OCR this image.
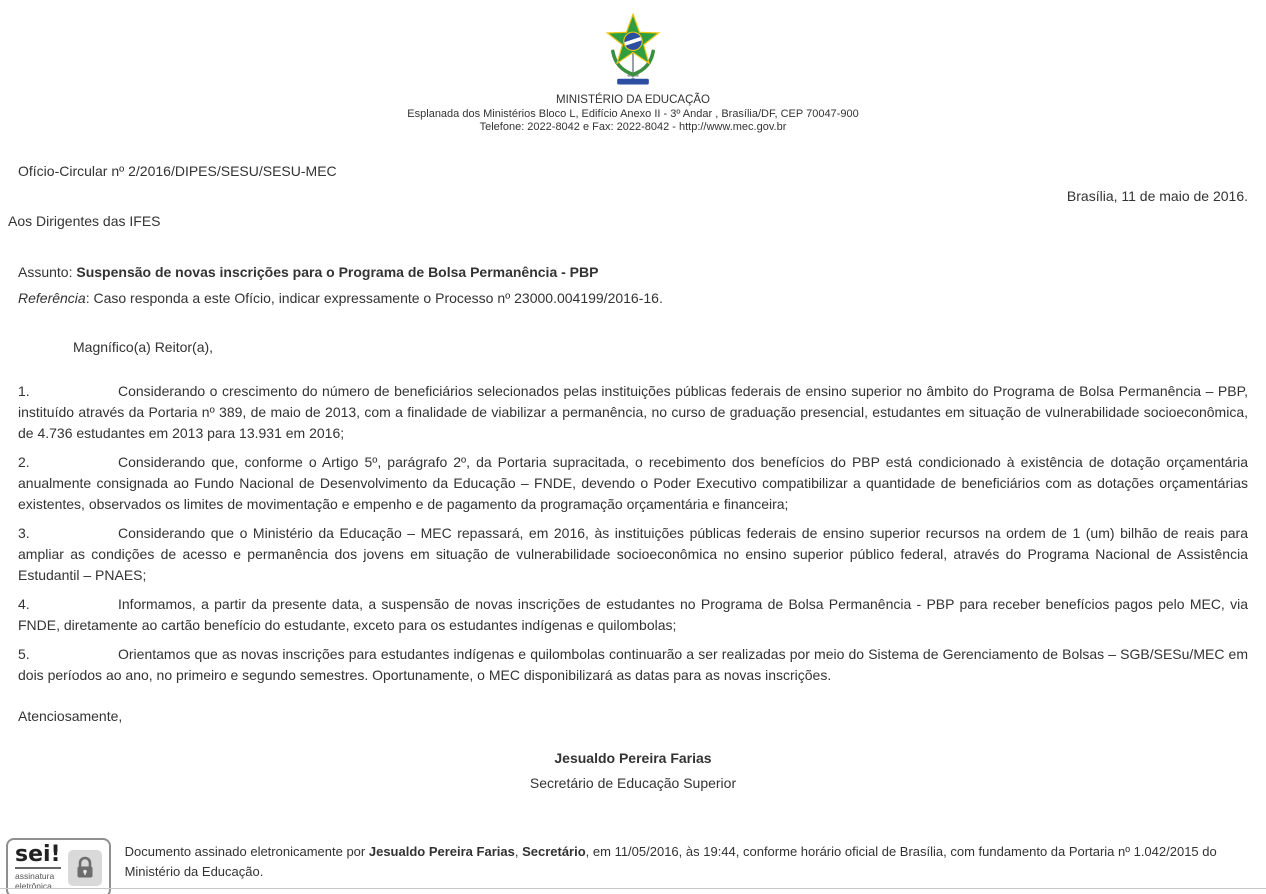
MINISTÉRIO DA EDUCAÇÃO
Esplanada dos Ministérios Bloco L, Edifício Anexo II - 3º Andar , Brasília/DF, CEP 70047-900
Telefone: 2022-8042 e Fax: 2022-8042 - http://www.mec.gov.br

Ofício-Circular nº 2/2016/DIPES/SESU/SESU-MEC

Brasília, 11 de maio de 2016.

Aos Dirigentes das IFES

Assunto: Suspensão de novas inscrições para o Programa de Bolsa Permanência - PBP

Referência: Caso responda a este Ofício, indicar expressamente o Processo nº 23000.004199/2016-16.

Magnífico(a) Reitor(a),

1.	Considerando o crescimento do número de beneficiários selecionados pelas instituições públicas federais de ensino superior no âmbito do Programa de Bolsa Permanência – PBP, instituído através da Portaria nº 389, de maio de 2013, com a finalidade de viabilizar a permanência, no curso de graduação presencial, estudantes em situação de vulnerabilidade socioeconômica, de 4.736 estudantes em 2013 para 13.931 em 2016;

2.	Considerando que, conforme o Artigo 5º, parágrafo 2º, da Portaria supracitada, o recebimento dos benefícios do PBP está condicionado à existência de dotação orçamentária anualmente consignada ao Fundo Nacional de Desenvolvimento da Educação – FNDE, devendo o Poder Executivo compatibilizar a quantidade de beneficiários com as dotações orçamentárias existentes, observados os limites de movimentação e empenho e de pagamento da programação orçamentária e financeira;

3.	Considerando que o Ministério da Educação – MEC repassará, em 2016, às instituições públicas federais de ensino superior recursos na ordem de 1 (um) bilhão de reais para ampliar as condições de acesso e permanência dos jovens em situação de vulnerabilidade socioeconômica no ensino superior público federal, através do Programa Nacional de Assistência Estudantil – PNAES;

4.	Informamos, a partir da presente data, a suspensão de novas inscrições de estudantes no Programa de Bolsa Permanência - PBP para receber benefícios pagos pelo MEC, via FNDE, diretamente ao cartão benefício do estudante, exceto para os estudantes indígenas e quilombolas;

5.	Orientamos que as novas inscrições para estudantes indígenas e quilombolas continuarão a ser realizadas por meio do Sistema de Gerenciamento de Bolsas – SGB/SESu/MEC em dois períodos ao ano, no primeiro e segundo semestres. Oportunamente, o MEC disponibilizará as datas para as novas inscrições.

Atenciosamente,

Jesualdo Pereira Farias

Secretário de Educação Superior

sei!
assinatura
eletrônica

Documento assinado eletronicamente por Jesualdo Pereira Farias, Secretário, em 11/05/2016, às 19:44, conforme horário oficial de Brasília, com fundamento da Portaria nº 1.042/2015 do Ministério da Educação.
